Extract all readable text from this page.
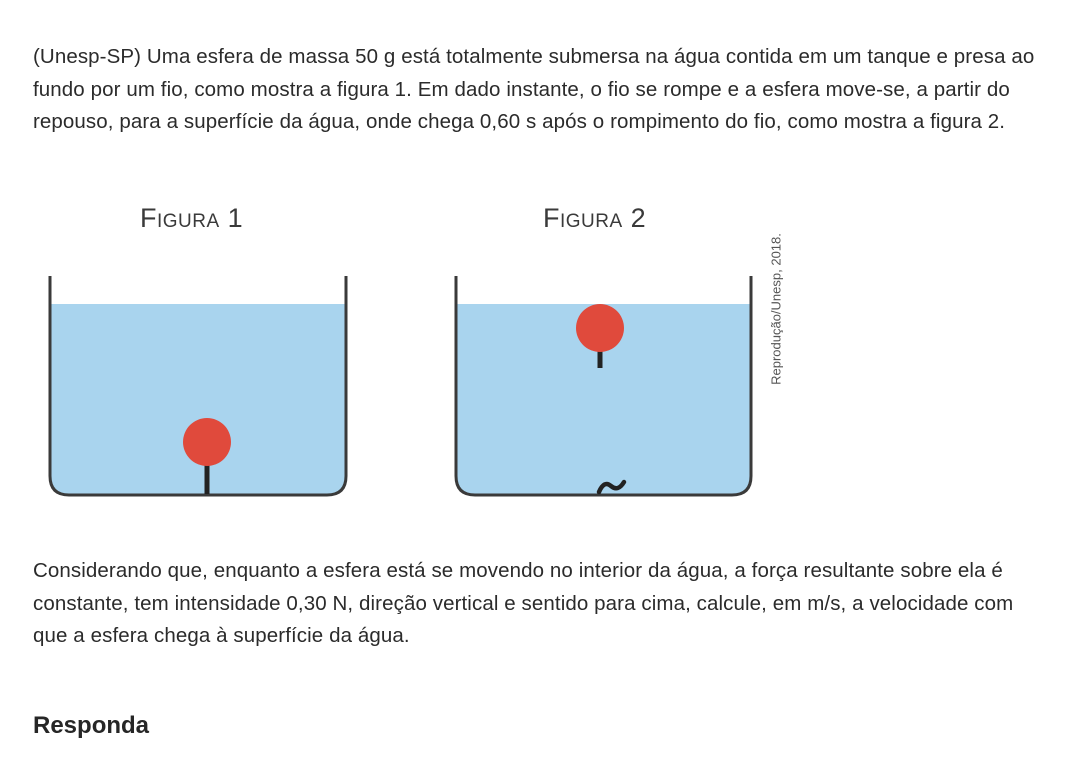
(Unesp-SP) Uma esfera de massa 50 g está totalmente submersa na água contida em um tanque e presa ao fundo por um fio, como mostra a figura 1. Em dado instante, o fio se rompe e a esfera move-se, a partir do repouso, para a superfície da água, onde chega 0,60 s após o rompimento do fio, como mostra a figura 2.

Figura 1	Figura 2
Reprodução/Unesp, 2018.

Considerando que, enquanto a esfera está se movendo no interior da água, a força resultante sobre ela é constante, tem intensidade 0,30 N, direção vertical e sentido para cima, calcule, em m/s, a velocidade com que a esfera chega à superfície da água.

Responda
